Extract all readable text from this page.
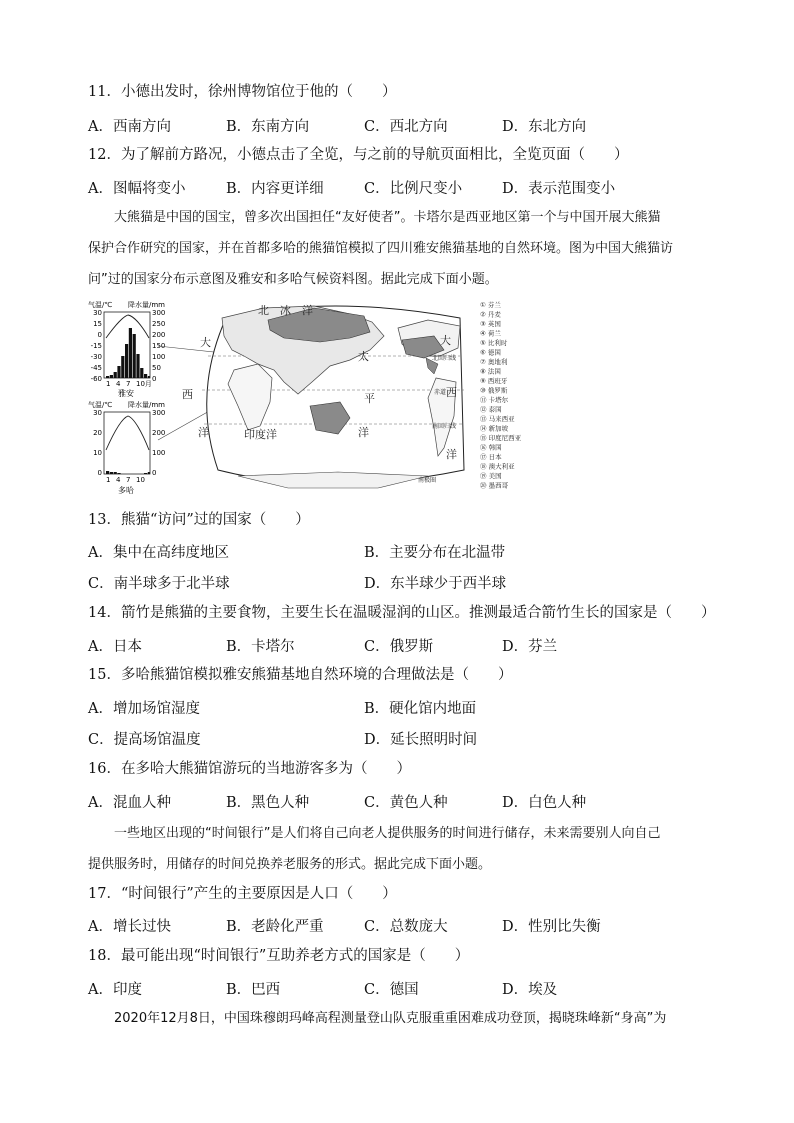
11．小德出发时，徐州博物馆位于他的（　　）
A．西南方向	B．东南方向	C．西北方向	D．东北方向
12．为了解前方路况，小德点击了全览，与之前的导航页面相比，全览页面（　　）
A．图幅将变小	B．内容更详细	C．比例尺变小	D．表示范围变小
　　大熊猫是中国的国宝，曾多次出国担任“友好使者”。卡塔尔是西亚地区第一个与中国开展大熊猫
保护合作研究的国家，并在首都多哈的熊猫馆模拟了四川雅安熊猫基地的自然环境。图为中国大熊猫访
问”过的国家分布示意图及雅安和多哈气候资料图。据此完成下面小题。
气温/℃ 降水量/mm
30
15
0
-15
-30
-45
-60
300
250
200
150
100
50
0
1 4 7 10月
雅安
气温/℃ 降水量/mm
30
20
10
0
300
200
100
0
1 4 7 10
多哈
北　冰　洋
大
太
平
洋
大
西
洋
印度洋
西
洋
北回归线
赤道
南回归线
南极圈
① 芬兰
② 丹麦
③ 英国
④ 荷兰
⑤ 比利时
⑥ 德国
⑦ 奥地利
⑧ 法国
⑨ 西班牙
⑩ 俄罗斯
⑪ 卡塔尔
⑫ 泰国
⑬ 马来西亚
⑭ 新加坡
⑮ 印度尼西亚
⑯ 韩国
⑰ 日本
⑱ 澳大利亚
⑲ 美国
⑳ 墨西哥
13．熊猫“访问”过的国家（　　）
A．集中在高纬度地区	B．主要分布在北温带
C．南半球多于北半球	D．东半球少于西半球
14．箭竹是熊猫的主要食物，主要生长在温暖湿润的山区。推测最适合箭竹生长的国家是（　　）
A．日本	B．卡塔尔	C．俄罗斯	D．芬兰
15．多哈熊猫馆模拟雅安熊猫基地自然环境的合理做法是（　　）
A．增加场馆湿度	B．硬化馆内地面
C．提高场馆温度	D．延长照明时间
16．在多哈大熊猫馆游玩的当地游客多为（　　）
A．混血人种	B．黑色人种	C．黄色人种	D．白色人种
　　一些地区出现的“时间银行”是人们将自己向老人提供服务的时间进行储存，未来需要别人向自己
提供服务时，用储存的时间兑换养老服务的形式。据此完成下面小题。
17．“时间银行”产生的主要原因是人口（　　）
A．增长过快	B．老龄化严重	C．总数庞大	D．性别比失衡
18．最可能出现“时间银行”互助养老方式的国家是（　　）
A．印度	B．巴西	C．德国	D．埃及
　　2020年12月8日，中国珠穆朗玛峰高程测量登山队克服重重困难成功登顶，揭晓珠峰新“身高”为
